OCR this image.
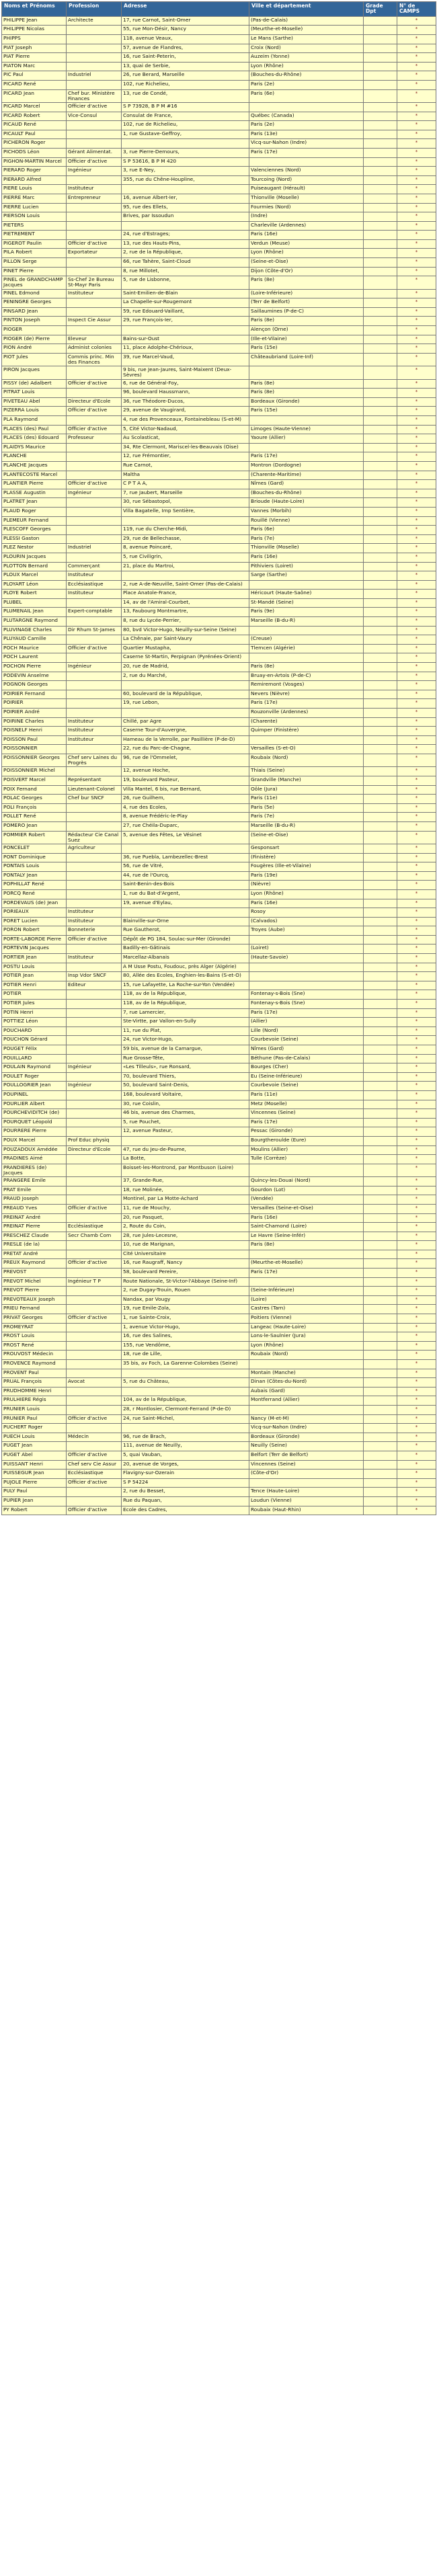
Noms et Prénoms	Profession	Adresse	Ville et département	Grade Dpt	N° de CAMPS
PHILIPPE Jean	Architecte	17, rue Carnot, Saint-Omer	(Pas-de-Calais)		*
PHILIPPE Nicolas		55, rue Mon-Désir, Nancy	(Meurthe-et-Moselle)		*
PHIPPS		118, avenue Veaux,	Le Mans (Sarthe)		*
PIAT Joseph		57, avenue de Flandres,	Croix (Nord)		*
PIAT Pierre		16, rue Saint-Peterin,	Auzeim (Yonne)		*
PIATON Marc		13, quai de Serbie,	Lyon (Rhône)		*
PIC Paul	Industriel	26, rue Berard, Marseille	(Bouches-du-Rhône)		*
PICARD René		102, rue Richelieu,	Paris (2e)		*
PICARD Jean	Chef bur. Ministère Finances	13, rue de Condé,	Paris (6e)		*
PICARD Marcel	Officier d'active	S P 73928, B P M #16			*
PICARD Robert	Vice-Consul	Consulat de France,	Québec (Canada)		*
PICAUD René		102, rue de Richelieu,	Paris (2e)		*
PICAULT Paul		1, rue Gustave-Geffroy,	Paris (13e)		*
PICHERON Roger			Vicq-sur-Nahon (Indre)		*
PICHODS Léon	Gérant Alimentat.	3, rue Pierre-Demours,	Paris (17e)		*
PIGHON-MARTIN Marcel	Officier d'active	S P 53616, B P M 420			*
PIERARD Roger	Ingénieur	3, rue E-Ney,	Valenciennes (Nord)		*
PIERARD Alfred		355, rue du Chêne-Houpline,	Tourcoing (Nord)		*
PIERE Louis	Instituteur		Puiseaugant (Hérault)		*
PIERRE Marc	Entrepreneur	16, avenue Albert-Ier,	Thionville (Moselle)		*
PIERRE Lucien		95, rue des Ellets,	Fourmies (Nord)		*
PIERSON Louis		Brives, par Issoudun	(Indre)		*
PIETERS			Charleville (Ardennes)		*
PIETREMENT		24, rue d'Estrages;	Paris (16e)		*
PIGEROT Paulin	Officier d'active	13, rue des Hauts-Pins,	Verdun (Meuse)		*
PILA Robert	Exportateur	2, rue de la République,	Lyon (Rhône)		*
PILLON Serge		66, rue Tahère, Saint-Cloud	(Seine-et-Oise)		*
PINET Pierre		8, rue Millotet,	Dijon (Côte-d'Or)		*
PINEL de GRANDCHAMP Jacques	Ss-Chef 2e Bureau St-Mayr Paris	5, rue de Lisbonne,	Paris (8e)		*
PINEL Edmond	Instituteur	Saint-Emilien-de-Blain	(Loire-Inférieure)		*
PENINGRE Georges		La Chapelle-sur-Rougemont	(Terr de Belfort)		*
PINSARD Jean		59, rue Edouard-Vaillant,	Saillaumines (P-de-C)		*
PINTON Joseph	Inspect Cie Assur	29, rue François-Ier,	Paris (8e)		*
PIOGER			Alençon (Orne)		*
PIOGER (de) Pierre	Eleveur	Bains-sur-Oust	(Ille-et-Vilaine)		*
PION André	Administ colonies	11, place Adolphe-Chérioux,	Paris (15e)		*
PIOT Jules	Commis princ. Min des Finances	39, rue Marcel-Vaud,	Châteaubriand (Loire-Inf)		*
PIRON Jacques		9 bis, rue Jean-Jaures, Saint-Maixent (Deux-Sèvres)			*
PISSY (de) Adalbert	Officier d'active	6, rue de Général-Foy,	Paris (8e)		*
PITRAT Louis		96, boulevard Haussmann,	Paris (8e)		*
PIVETEAU Abel	Directeur d'Ecole	36, rue Théodore-Ducos,	Bordeaux (Gironde)		*
PIZERRA Louis	Officier d'active	29, avenue de Vaugirard,	Paris (15e)		*
PLA Raymond		4, rue des Provenceaux, Fontainebleau (S-et-M)			*
PLACES (des) Paul	Officier d'active	5, Cité Victor-Nadaud,	Limoges (Haute-Vienne)		*
PLACES (des) Edouard	Professeur	Au Scolasticat,	Yaoure (Allier)		*
PLAIDYS Maurice		34, Rte Clermont, Mariscel-les-Beauvais (Oise)			*
PLANCHE		12, rue Frémontier,	Paris (17e)		*
PLANCHE Jacques		Rue Carnot,	Montron (Dordogne)		*
PLANTECOSTE Marcel		Maltha	(Charente-Maritime)		*
PLANTIER Pierre	Officier d'active	C P T A A,	Nîmes (Gard)		*
PLASSE Augustin	Ingénieur	7, rue Jaubert, Marseille	(Bouches-du-Rhône)		*
PLATRET Jean		30, rue Sébastopol,	Brioude (Haute-Loire)		*
PLAUD Roger		Villa Bagatelle, Imp Sentière,	Vannes (Morbih)		*
PLEMEUR Fernand			Rouillé (Vienne)		*
PLESCOFF Georges		119, rue du Cherche-Midi,	Paris (6e)		*
PLESSI Gaston		29, rue de Bellechasse,	Paris (7e)		*
PLEZ Nestor	Industriel	8, avenue Poincaré,	Thionville (Moselle)		*
PLOURIN Jacques		5, rue Civiligrin,	Paris (16e)		*
PLOTTON Bernard	Commerçant	21, place du Martroi,	Pithiviers (Loiret)		*
PLOUX Marcel	Instituteur		Sarge (Sarthe)		*
PLOYART Léon	Ecclésiastique	2, rue A-de-Neuville, Saint-Omer (Pas-de-Calais)			*
PLOYE Robert	Instituteur	Place Anatole-France,	Héricourt (Haute-Saône)		*
PLUBEL		14, av de l'Amiral-Courbet,	St-Mandé (Seine)		*
PLUMENAIL Jean	Expert-comptable	13, Faubourg Montmartre,	Paris (9e)		*
PLUTARGNE Raymond		8, rue du Lycée-Perrier,	Marseille (B-du-R)		*
PLUVINAGE Charles	Dir Rhum St-James	80, bvd Victor-Hugo, Neuilly-sur-Seine (Seine)			*
PLUYAUD Camille		La Chênaie, par Saint-Vaury	(Creuse)		*
POCH Maurice	Officier d'active	Quartier Mustapha,	Tlemcen (Algérie)		*
POCH Laurent		Caserne St-Martin, Perpignan (Pyrénées-Orient)			*
POCHON Pierre	Ingénieur	20, rue de Madrid,	Paris (8e)		*
PODEVIN Anselme		2, rue du Marché,	Bruay-en-Artois (P-de-C)		*
POGNON Georges			Remiremont (Vosges)		*
POIRIER Fernand		60, boulevard de la République,	Nevers (Nièvre)		*
POIRIER		19, rue Lebon,	Paris (17e)		*
POIRIER André			Rouzonville (Ardennes)		*
POIRINE Charles	Instituteur	Chillé, par Agre	(Charente)		*
POISNELF Henri	Instituteur	Caserne Tour-d'Auvergne,	Quimper (Finistère)		*
POISSON Paul	Instituteur	Hameau de la Verrolle, par Pasillière (P-de-D)			*
POISSONNIER		22, rue du Parc-de-Chagne,	Versailles (S-et-O)		*
POISSONNIER Georges	Chef serv Laines du Progrès	96, rue de l'Ommelet,	Roubaix (Nord)		*
POISSONNIER Michel		12, avenue Hoche,	Thiais (Seine)		*
POISVERT Marcel	Représentant	19, boulevard Pasteur,	Grandville (Manche)		*
POIX Fernand	Lieutenant-Colonel	Villa Mantel, 6 bis, rue Bernard,	Oôle (Jura)		*
POLAC Georges	Chef bur SNCF	26, rue Guilhem,	Paris (11e)		*
POLI François		4, rue des Ecoles,	Paris (5e)		*
POLLET René		8, avenue Frédéric-le-Play	Paris (7e)		*
POMERO Jean		27, rue Chéila-Duparc,	Marseille (B-du-R)		*
POMMIER Robert	Rédacteur Cie Canal Suez	5, avenue des Fêtes, Le Vésinet	(Seine-et-Oise)		*
PONCELET	Agriculteur		Gesponsart		*
PONT Dominique		36, rue Puebla, Lambezellec-Brest	(Finistère)		*
PONTAIS Louis		56, rue de Vitré,	Fougères (Ille-et-Vilaine)		*
PONTALY Jean		44, rue de l'Ourcq,	Paris (19e)		*
POPHILLAT René		Saint-Benin-des-Bois	(Nièvre)		*
PORCQ René		1, rue du Bat-d'Argent,	Lyon (Rhône)		*
PORDEVAUS (de) Jean		19, avenue d'Eylau,	Paris (16e)		*
PORIEAUX	Instituteur		Rosoy		*
PORET Lucien	Instituteur	Blainville-sur-Orne	(Calvados)		*
PORON Robert	Bonneterie	Rue Gautherot,	Troyes (Aube)		*
PORTE-LABORDE Pierre	Officier d'active	Dépôt de PG 184, Soulac-sur-Mer (Gironde)			*
PORTEVIN Jacques		Badilly-en-Gâtinais	(Loiret)		*
PORTIER Jean	Instituteur	Marcellaz-Albanais	(Haute-Savoie)		*
POSTU Louis		A M Usse Postu, Foudouc, près Alger (Algérie)			*
POTIER Jean	Insp Vdor SNCF	80, Allée des Ecoles, Enghien-les-Bains (S-et-O)			*
POTIER Henri	Editeur	15, rue Lafayette, La Roche-sur-Yon (Vendée)			*
POTIER		118, av de la République,	Fontenay-s-Bois (Sne)		*
POTIER Jules		118, av de la République,	Fontenay-s-Bois (Sne)		*
POTIN Henri		7, rue Lamercier,	Paris (17e)		*
POTTIEZ Léon		Ste-Virtte, par Vallon-en-Sully	(Allier)		*
POUCHARD		11, rue du Plat,	Lille (Nord)		*
POUCHON Gérard		24, rue Victor-Hugo,	Courbevoie (Seine)		*
POUGET Félix		59 bis, avenue de la Camargue,	Nîmes (Gard)		*
POUILLARD		Rue Grosse-Tête,	Béthune (Pas-de-Calais)		*
POULAIN Raymond	Ingénieur	«Les Tilleuls», rue Ronsard,	Bourges (Cher)		*
POULET Roger		70, boulevard Thiers,	Eu (Seine-Inférieure)		*
POULLOGRIER Jean	Ingénieur	50, boulevard Saint-Denis,	Courbevoie (Seine)		*
POUPINEL		168, boulevard Voltaire,	Paris (11e)		*
POURLIER Albert		30, rue Coislin,	Metz (Moselle)		*
POURCHEVIDITCH (de)		46 bis, avenue des Charmes,	Vincennes (Seine)		*
POURQUET Léopold		5, rue Pouchet,	Paris (17e)		*
POURRERE Pierre		12, avenue Pasteur,	Pessac (Gironde)		*
POUX Marcel	Prof Educ physiq		Bourgtheroulde (Eure)		*
POUZADOUX Amédée	Directeur d'Ecole	47, rue du Jeu-de-Paume,	Moulins (Allier)		*
PRADINES Aimé		La Botte,	Tulle (Corrèze)		*
PRANDIERES (de) Jacques		Boisset-les-Montrond, par Montbuson (Loire)			*
PRANGERE Emile		37, Grande-Rue,	Quincy-les-Douai (Nord)		*
PRAT Emile		18, rue Molinée,	Gourdon (Lot)		*
PRAUD Joseph		Montinel, par La Motte-Achard	(Vendée)		*
PREAUD Yves	Officier d'active	11, rue de Mouchy,	Versailles (Seine-et-Oise)		*
PREINAT André		20, rue Pasquet,	Paris (16e)		*
PREINAT Pierre	Ecclésiastique	2, Route du Coin,	Saint-Chamond (Loire)		*
PRESCHEZ Claude	Secr Chamb Com	28, rue Jules-Lecesne,	Le Havre (Seine-Infér)		*
PRESLE (de la)		10, rue de Marignan,	Paris (8e)		*
PRETAT André		Cité Universitaire			*
PREUX Raymond	Officier d'active	16, rue Raugraff, Nancy	(Meurthe-et-Moselle)		*
PREVOST		58, boulevard Pereire,	Paris (17e)		*
PREVOT Michel	Ingénieur T P	Route Nationale, St-Victor-l'Abbaye (Seine-Inf)			*
PREVOT Pierre		2, rue Dugay-Trouin, Rouen	(Seine-Inférieure)		*
PREVOTEAUX Joseph		Nandax, par Vougy	(Loire)		*
PRIEU Fernand		19, rue Emile-Zola,	Castres (Tarn)		*
PRIVAT Georges	Officier d'active	1, rue Sainte-Croix,	Poitiers (Vienne)		*
PROMEYRAT		1, avenue Victor-Hugo,	Langeac (Haute-Loire)		*
PROST Louis		16, rue des Salines,	Lons-le-Saulnier (Jura)		*
PROST René		155, rue Vendôme,	Lyon (Rhône)		*
PROUVOST Médecin		18, rue de Lille,	Roubaix (Nord)		*
PROVENCE Raymond		35 bis, av Foch, La Garenne-Colombes (Seine)			*
PROVENT Paul			Montain (Manche)		*
PRUAL François	Avocat	5, rue du Château,	Dinan (Côtes-du-Nord)		*
PRUDHOMME Henri			Aubais (Gard)		*
PRULHIERE Régis		104, av de la République,	Montferrand (Allier)		*
PRUNIER Louis		28, r Montlosier, Clermont-Ferrand (P-de-D)			*
PRUNIER Paul	Officier d'active	24, rue Saint-Michel,	Nancy (M-et-M)		*
PUCHERT Roger			Vicq-sur-Nahon (Indre)		*
PUECH Louis	Médecin	96, rue de Brach,	Bordeaux (Gironde)		*
PUGET Jean		111, avenue de Neuilly,	Neuilly (Seine)		*
PUGET Abel	Officier d'active	5, quai Vauban,	Belfort (Terr de Belfort)		*
PUISSANT Henri	Chef serv Cie Assur	20, avenue de Vorges,	Vincennes (Seine)		*
PUISSEGUR Jean	Ecclésiastique	Flavigny-sur-Ozerain	(Côte-d'Or)		*
PUJOLE Pierre	Officier d'active	S P 54224			*
PULY Paul		2, rue du Besset,	Tence (Haute-Loire)		*
PUPIER Jean		Rue du Paquan,	Loudun (Vienne)		*
PY Robert	Officier d'active	Ecole des Cadres,	Roubaix (Haut-Rhin)		*
